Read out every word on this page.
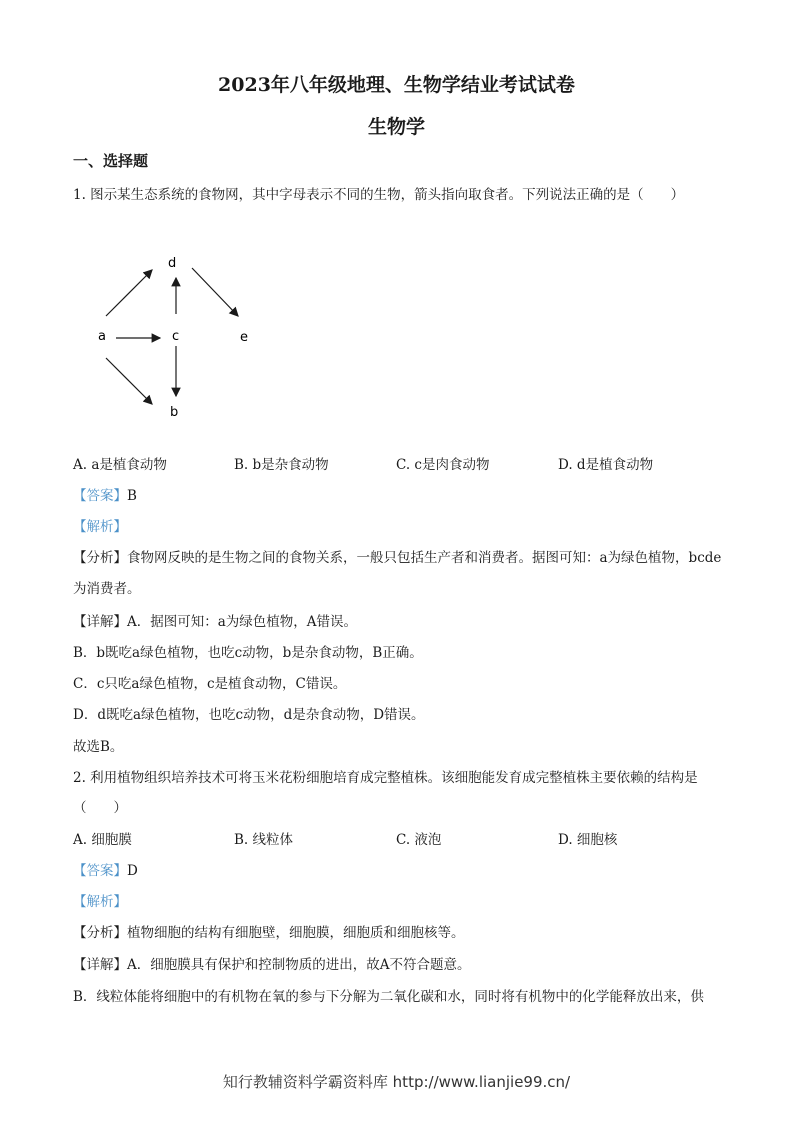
2023年八年级地理、生物学结业考试试卷
生物学
一、选择题
1. 图示某生态系统的食物网，其中字母表示不同的生物，箭头指向取食者。下列说法正确的是（　　）
d
a	c	e
b
A. a是植食动物	B. b是杂食动物	C. c是肉食动物	D. d是植食动物
【答案】B
【解析】
【分析】食物网反映的是生物之间的食物关系，一般只包括生产者和消费者。据图可知：a为绿色植物，bcde
为消费者。
【详解】A．据图可知：a为绿色植物，A错误。
B．b既吃a绿色植物，也吃c动物，b是杂食动物，B正确。
C．c只吃a绿色植物，c是植食动物，C错误。
D．d既吃a绿色植物，也吃c动物，d是杂食动物，D错误。
故选B。
2. 利用植物组织培养技术可将玉米花粉细胞培育成完整植株。该细胞能发育成完整植株主要依赖的结构是
（　　）
A. 细胞膜	B. 线粒体	C. 液泡	D. 细胞核
【答案】D
【解析】
【分析】植物细胞的结构有细胞壁，细胞膜，细胞质和细胞核等。
【详解】A．细胞膜具有保护和控制物质的进出，故A不符合题意。
B．线粒体能将细胞中的有机物在氧的参与下分解为二氧化碳和水，同时将有机物中的化学能释放出来，供
知行教辅资料学霸资料库 http://www.lianjie99.cn/
